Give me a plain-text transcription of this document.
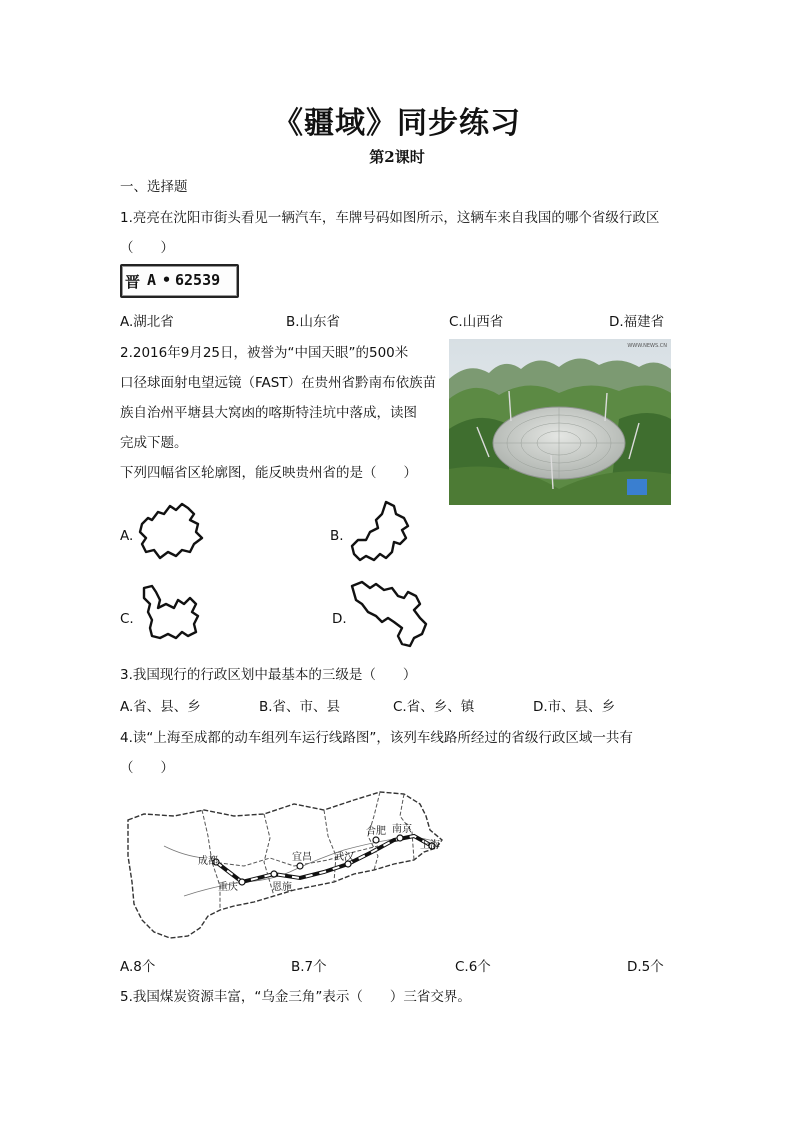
《疆域》同步练习
第2课时
一、选择题
1.亮亮在沈阳市街头看见一辆汽车，车牌号码如图所示，这辆车来自我国的哪个省级行政区
（　　）
晋 A • 62539
A.湖北省	B.山东省	C.山西省	D.福建省
2.2016年9月25日，被誉为“中国天眼”的500米
口径球面射电望远镜（FAST）在贵州省黔南布依族苗
族自治州平塘县大窝凼的喀斯特洼坑中落成，读图
完成下题。
下列四幅省区轮廓图，能反映贵州省的是（　　）
WWW.NEWS.CN
A.	B.
C.	D.
3.我国现行的行政区划中最基本的三级是（　　）
A.省、县、乡	B.省、市、县	C.省、乡、镇	D.市、县、乡
4.读“上海至成都的动车组列车运行线路图”，该列车线路所经过的省级行政区域一共有
（　　）
成都
重庆	恩施
宜昌 武汉
合肥 南京
上海
A.8个	B.7个	C.6个	D.5个
5.我国煤炭资源丰富，“乌金三角”表示（　　）三省交界。
